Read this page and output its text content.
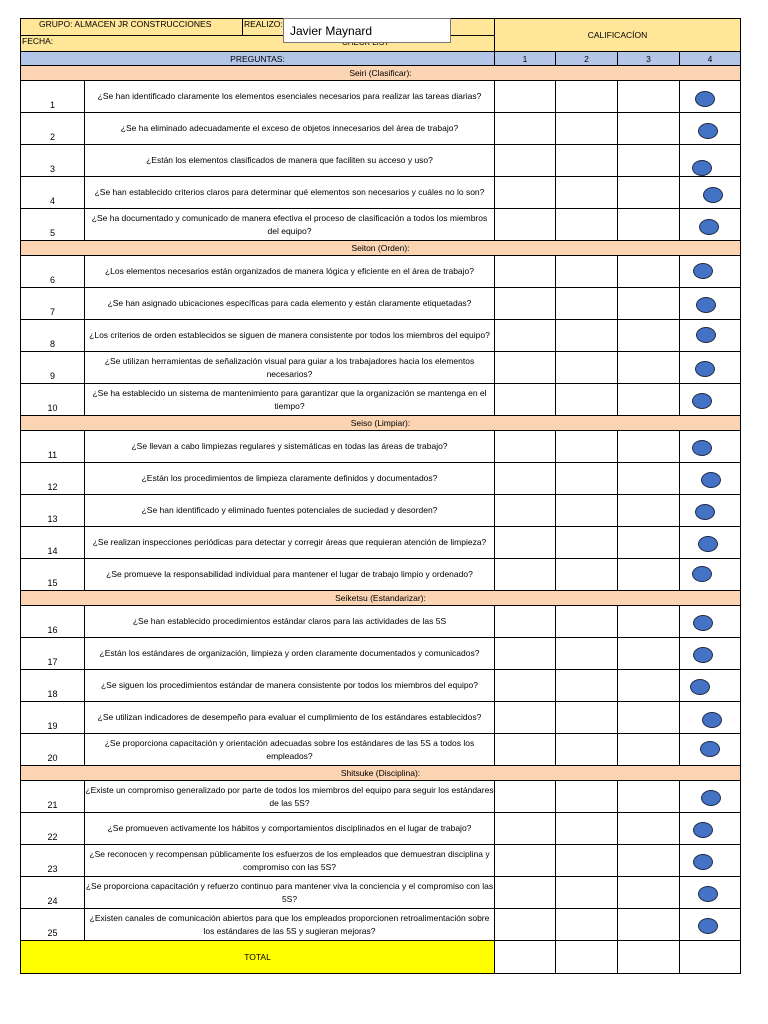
GRUPO: ALMACEN JR CONSTRUCCIONES		REALIZO:	CALIFICACÍON			
FECHA:						
PREGUNTAS:			1	2	3	4
Seiri (Clasificar):						
1	¿Se han identificado claramente los elementos esenciales necesarios para realizar las tareas diarias?					

2	¿Se ha eliminado adecuadamente el exceso de objetos innecesarios del área de trabajo?					

3	¿Están los elementos clasificados de manera que faciliten su acceso y uso?					

4	¿Se han establecido criterios claros para determinar qué elementos son necesarios y cuáles no lo son?					

5	¿Se ha documentado y comunicado de manera efectiva el proceso de clasificación a todos los miembros del equipo?					

Seiton (Orden):						
6	¿Los elementos necesarios están organizados de manera lógica y eficiente en el área de trabajo?					

7	¿Se han asignado ubicaciones específicas para cada elemento y están claramente etiquetadas?					

8	¿Los criterios de orden establecidos se siguen de manera consistente por todos los miembros del equipo?					

9	¿Se utilizan herramientas de señalización visual para guiar a los trabajadores hacia los elementos necesarios?					

10	¿Se ha establecido un sistema de mantenimiento para garantizar que la organización se mantenga en el tiempo?					

Seiso (Limpiar):						
11	¿Se llevan a cabo limpiezas regulares y sistemáticas en todas las áreas de trabajo?					

12	¿Están los procedimientos de limpieza claramente definidos y documentados?					

13	¿Se han identificado y eliminado fuentes potenciales de suciedad y desorden?					

14	¿Se realizan inspecciones periódicas para detectar y corregir áreas que requieran atención de limpieza?					

15	¿Se promueve la responsabilidad individual para mantener el lugar de trabajo limpio y ordenado?					

Seiketsu (Estandarizar):						
16	¿Se han establecido procedimientos estándar claros para las actividades de las 5S					

17	¿Están los estándares de organización, limpieza y orden claramente documentados y comunicados?					

18	¿Se siguen los procedimientos estándar de manera consistente por todos los miembros del equipo?					

19	¿Se utilizan indicadores de desempeño para evaluar el cumplimiento de los estándares establecidos?					

20	¿Se proporciona capacitación y orientación adecuadas sobre los estándares de las 5S a todos los empleados?					

Shitsuke (Disciplina):						
21	¿Existe un compromiso generalizado por parte de todos los miembros del equipo para seguir los estándares de las 5S?					

22	¿Se promueven activamente los hábitos y comportamientos disciplinados en el lugar de trabajo?					

23	¿Se reconocen y recompensan públicamente los esfuerzos de los empleados que demuestran disciplina y compromiso con las 5S?					

24	¿Se proporciona capacitación y refuerzo continuo para mantener viva la conciencia y el compromiso con las 5S?					

25	¿Existen canales de comunicación abiertos para que los empleados proporcionen retroalimentación sobre los estándares de las 5S y sugieran mejoras?					

TOTAL						
Javier Maynard
